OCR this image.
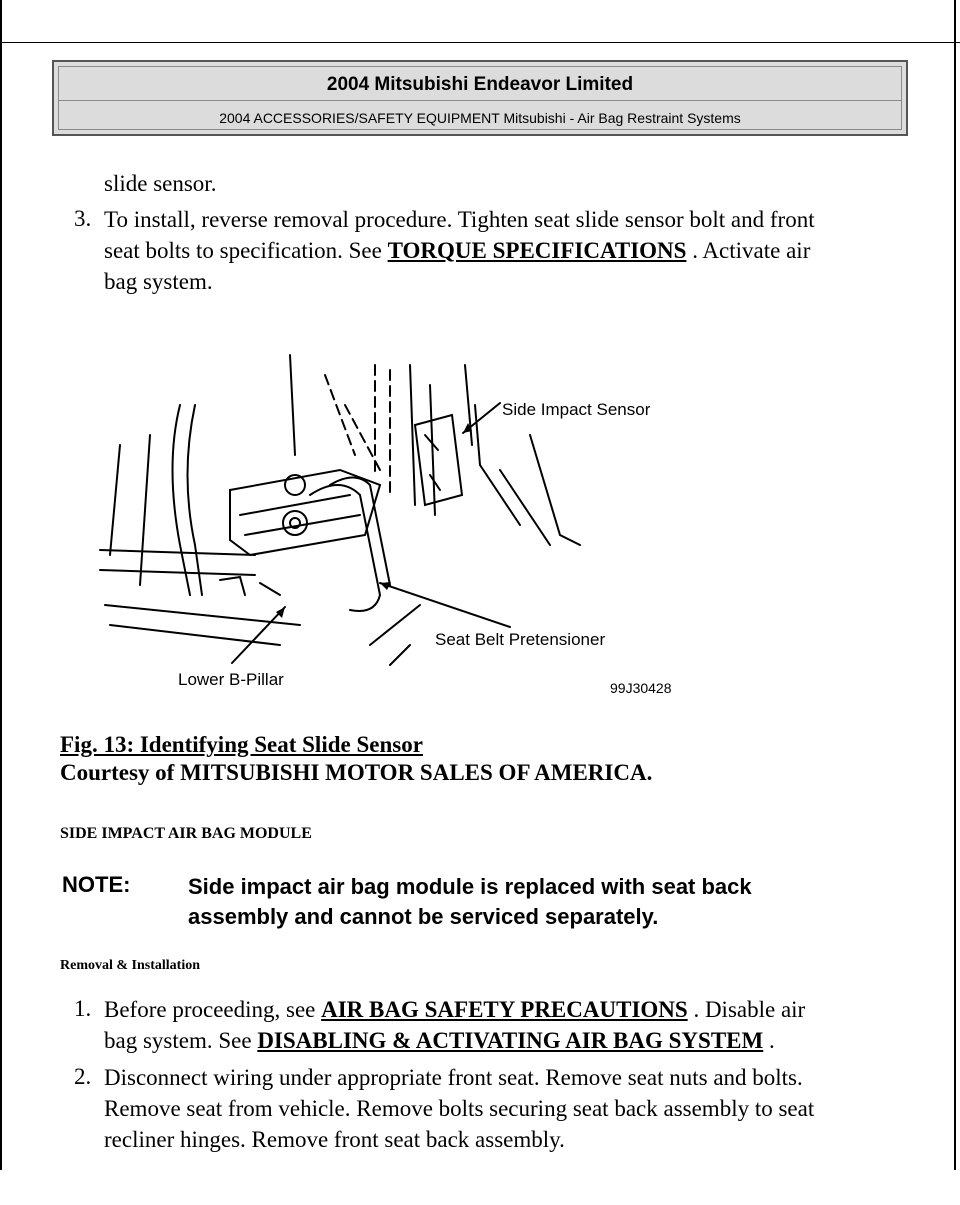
2004 Mitsubishi Endeavor Limited
2004 ACCESSORIES/SAFETY EQUIPMENT Mitsubishi - Air Bag Restraint Systems
slide sensor.
3. To install, reverse removal procedure. Tighten seat slide sensor bolt and front
seat bolts to specification. See TORQUE SPECIFICATIONS . Activate air
bag system.
Side Impact Sensor
Seat Belt Pretensioner
Lower B-Pillar	99J30428
Fig. 13: Identifying Seat Slide Sensor
Courtesy of MITSUBISHI MOTOR SALES OF AMERICA.
SIDE IMPACT AIR BAG MODULE
NOTE:	Side impact air bag module is replaced with seat back
assembly and cannot be serviced separately.
Removal & Installation
1. Before proceeding, see AIR BAG SAFETY PRECAUTIONS . Disable air
bag system. See DISABLING & ACTIVATING AIR BAG SYSTEM .
2. Disconnect wiring under appropriate front seat. Remove seat nuts and bolts.
Remove seat from vehicle. Remove bolts securing seat back assembly to seat
recliner hinges. Remove front seat back assembly.
